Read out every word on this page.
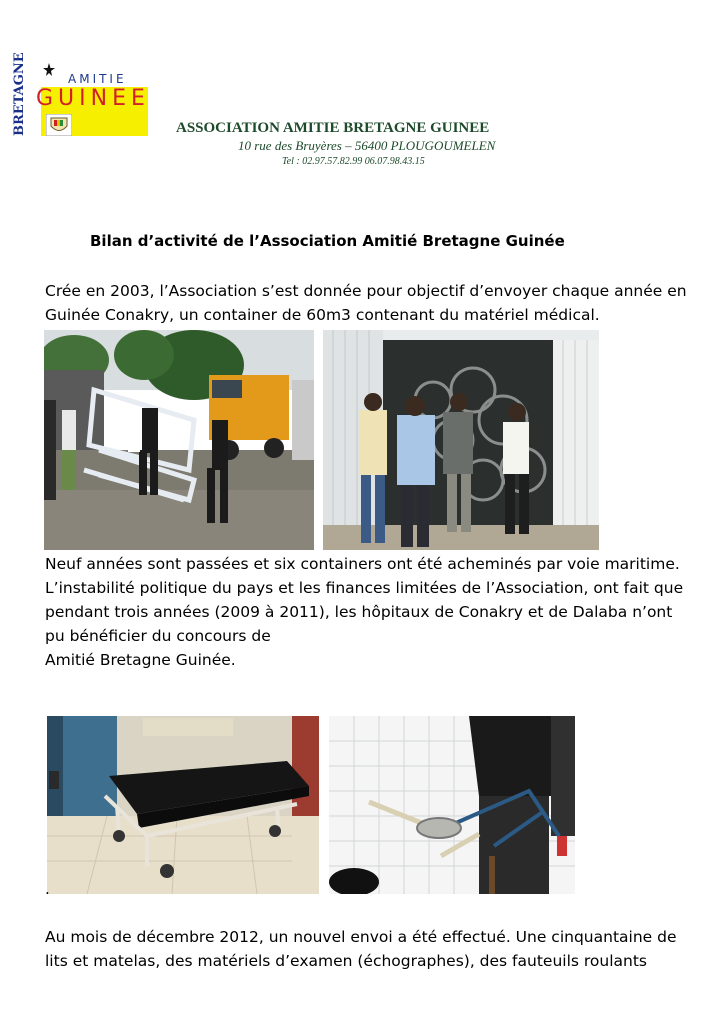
BRETAGNE	AMITIE
GUINEE
ASSOCIATION AMITIE BRETAGNE GUINEE
10 rue des Bruyères – 56400 PLOUGOUMELEN
Tel : 02.97.57.82.99 06.07.98.43.15
Bilan d’activité de l’Association Amitié Bretagne Guinée
Crée en 2003, l’Association s’est donnée pour objectif d’envoyer chaque année en Guinée Conakry, un container de 60m3 contenant du matériel médical.
Neuf années sont passées et six containers ont été acheminés par voie maritime.
L’instabilité politique du pays et les finances limitées de l’Association, ont fait que pendant trois années (2009 à 2011), les hôpitaux de Conakry et de Dalaba n’ont pu bénéficier du concours de
Amitié Bretagne Guinée.
.
Au mois de décembre 2012, un nouvel envoi a été effectué. Une cinquantaine de lits et matelas, des matériels d’examen (échographes), des fauteuils roulants
